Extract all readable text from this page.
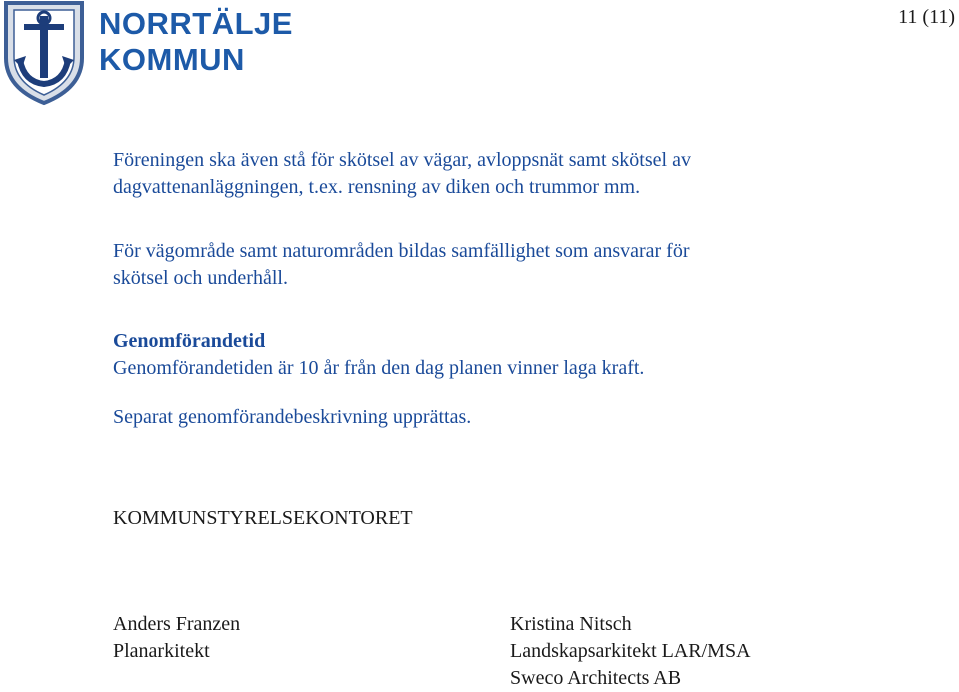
NORRTÄLJE
KOMMUN
11 (11)
Föreningen ska även stå för skötsel av vägar, avloppsnät samt skötsel av
dagvattenanläggningen, t.ex. rensning av diken och trummor mm.
För vägområde samt naturområden bildas samfällighet som ansvarar för
skötsel och underhåll.
Genomförandetid
Genomförandetiden är 10 år från den dag planen vinner laga kraft.
Separat genomförandebeskrivning upprättas.
KOMMUNSTYRELSEKONTORET
Anders Franzen
Planarkitekt
Kristina Nitsch
Landskapsarkitekt LAR/MSA
Sweco Architects AB
